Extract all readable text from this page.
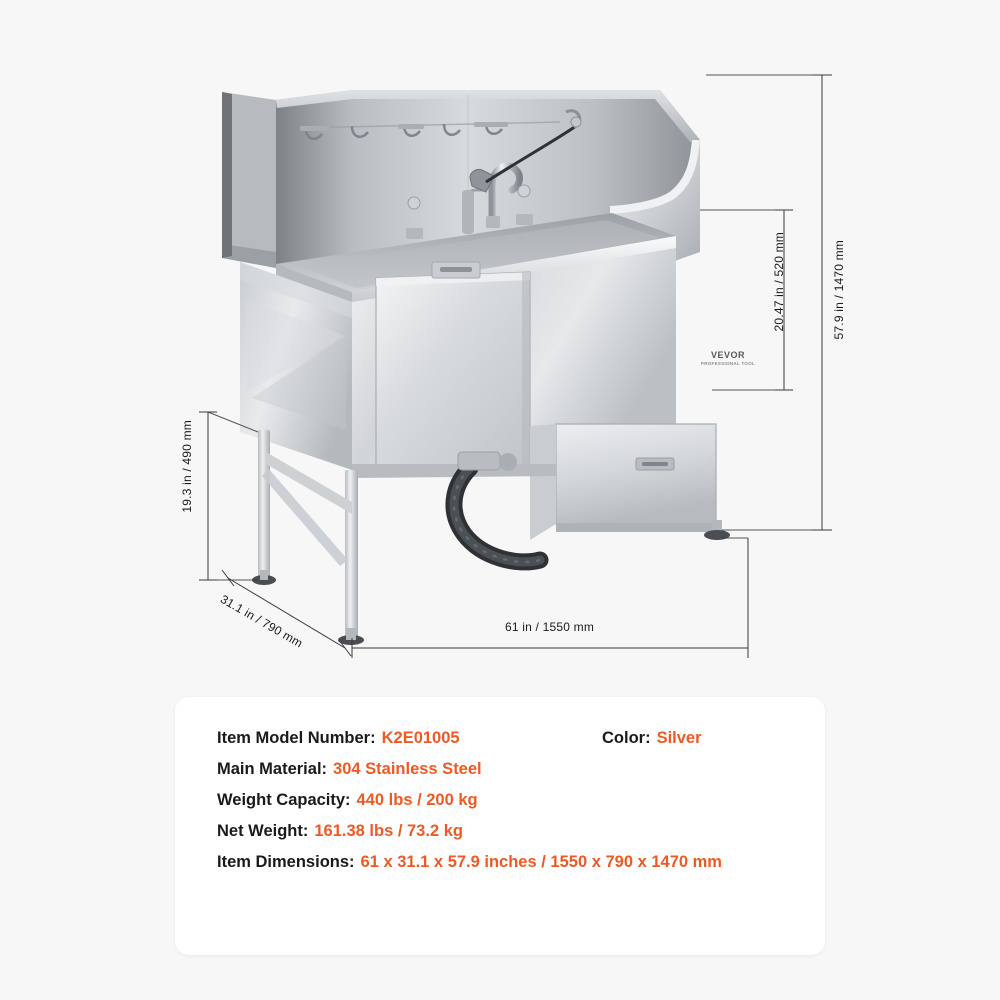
VEVOR
PROFESSIONAL TOOL
57.9 in / 1470 mm
20.47 in / 520 mm
19.3 in / 490 mm
31.1 in / 790 mm	61 in / 1550 mm
Item Model Number: K2E01005	Color: Silver
Main Material: 304 Stainless Steel
Weight Capacity: 440 lbs / 200 kg
Net Weight: 161.38 lbs / 73.2 kg
Item Dimensions: 61 x 31.1 x 57.9 inches / 1550 x 790 x 1470 mm
